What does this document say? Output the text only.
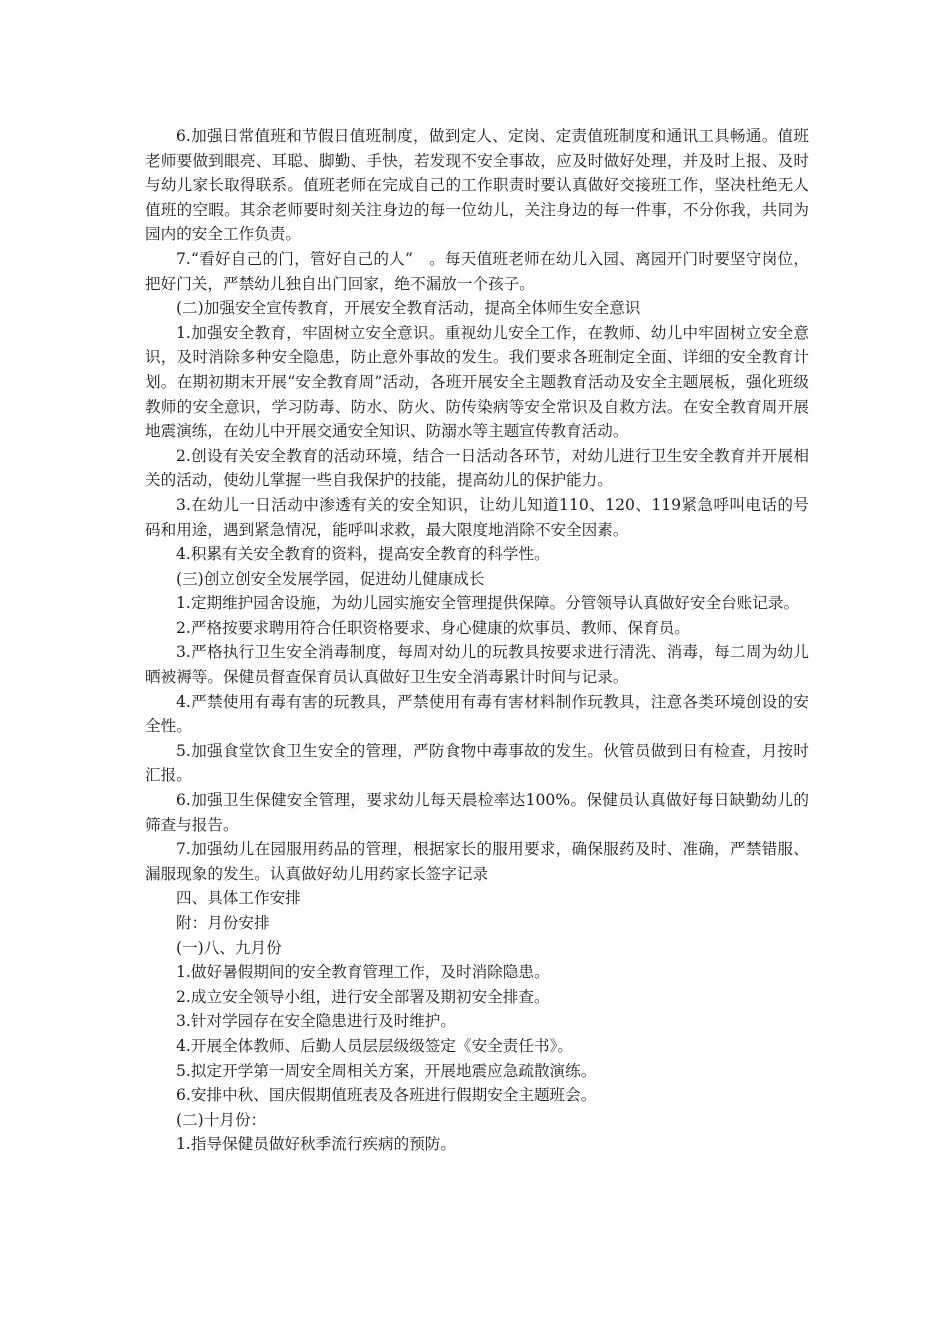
6.加强日常值班和节假日值班制度，做到定人、定岗、定责值班制度和通讯工具畅通。值班老师要做到眼亮、耳聪、脚勤、手快，若发现不安全事故，应及时做好处理，并及时上报、及时与幼儿家长取得联系。值班老师在完成自己的工作职责时要认真做好交接班工作，坚决杜绝无人值班的空暇。其余老师要时刻关注身边的每一位幼儿，关注身边的每一件事，不分你我，共同为园内的安全工作负责。

7.“看好自己的门，管好自己的人”　。每天值班老师在幼儿入园、离园开门时要坚守岗位，把好门关，严禁幼儿独自出门回家，绝不漏放一个孩子。

(二)加强安全宣传教育，开展安全教育活动，提高全体师生安全意识

1.加强安全教育，牢固树立安全意识。重视幼儿安全工作，在教师、幼儿中牢固树立安全意识，及时消除多种安全隐患，防止意外事故的发生。我们要求各班制定全面、详细的安全教育计划。在期初期末开展“安全教育周”活动，各班开展安全主题教育活动及安全主题展板，强化班级教师的安全意识，学习防毒、防水、防火、防传染病等安全常识及自救方法。在安全教育周开展地震演练，在幼儿中开展交通安全知识、防溺水等主题宣传教育活动。

2.创设有关安全教育的活动环境，结合一日活动各环节，对幼儿进行卫生安全教育并开展相关的活动，使幼儿掌握一些自我保护的技能，提高幼儿的保护能力。

3.在幼儿一日活动中渗透有关的安全知识，让幼儿知道110、120、119紧急呼叫电话的号码和用途，遇到紧急情况，能呼叫求救，最大限度地消除不安全因素。

4.积累有关安全教育的资料，提高安全教育的科学性。

(三)创立创安全发展学园，促进幼儿健康成长

1.定期维护园舍设施，为幼儿园实施安全管理提供保障。分管领导认真做好安全台账记录。

2.严格按要求聘用符合任职资格要求、身心健康的炊事员、教师、保育员。

3.严格执行卫生安全消毒制度，每周对幼儿的玩教具按要求进行清洗、消毒，每二周为幼儿晒被褥等。保健员督查保育员认真做好卫生安全消毒累计时间与记录。

4.严禁使用有毒有害的玩教具，严禁使用有毒有害材料制作玩教具，注意各类环境创设的安全性。

5.加强食堂饮食卫生安全的管理，严防食物中毒事故的发生。伙管员做到日有检查，月按时汇报。

6.加强卫生保健安全管理，要求幼儿每天晨检率达100%。保健员认真做好每日缺勤幼儿的筛查与报告。

7.加强幼儿在园服用药品的管理，根据家长的服用要求，确保服药及时、准确，严禁错服、漏服现象的发生。认真做好幼儿用药家长签字记录

四、具体工作安排

附：月份安排

(一)八、九月份

1.做好暑假期间的安全教育管理工作，及时消除隐患。

2.成立安全领导小组，进行安全部署及期初安全排查。

3.针对学园存在安全隐患进行及时维护。

4.开展全体教师、后勤人员层层级级签定《安全责任书》。

5.拟定开学第一周安全周相关方案，开展地震应急疏散演练。

6.安排中秋、国庆假期值班表及各班进行假期安全主题班会。

(二)十月份：

1.指导保健员做好秋季流行疾病的预防。
